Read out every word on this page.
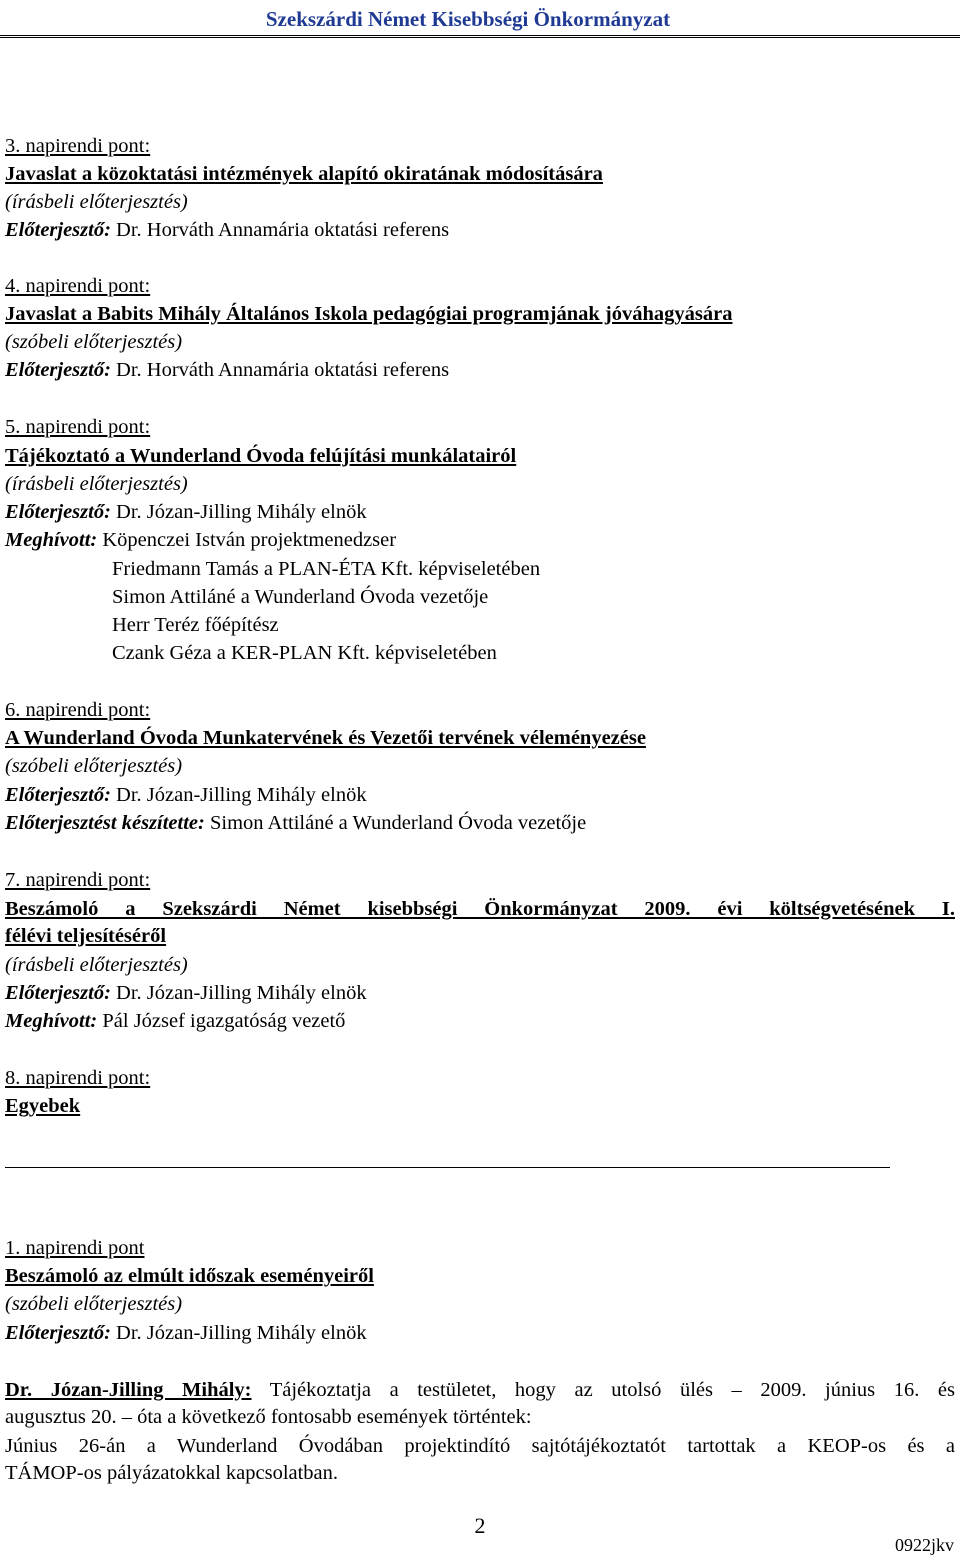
Szekszárdi Német Kisebbségi Önkormányzat
3. napirendi pont:
Javaslat a közoktatási intézmények alapító okiratának módosítására
(írásbeli előterjesztés)
Előterjesztő: Dr. Horváth Annamária oktatási referens
4. napirendi pont:
Javaslat a Babits Mihály Általános Iskola pedagógiai programjának jóváhagyására
(szóbeli előterjesztés)
Előterjesztő: Dr. Horváth Annamária oktatási referens
5. napirendi pont:
Tájékoztató a Wunderland Óvoda felújítási munkálatairól
(írásbeli előterjesztés)
Előterjesztő: Dr. Józan-Jilling Mihály elnök
Meghívott: Köpenczei István projektmenedzser
Friedmann Tamás a PLAN-ÉTA Kft. képviseletében
Simon Attiláné a Wunderland Óvoda vezetője
Herr Teréz főépítész
Czank Géza a KER-PLAN Kft. képviseletében
6. napirendi pont:
A Wunderland Óvoda Munkatervének és Vezetői tervének véleményezése
(szóbeli előterjesztés)
Előterjesztő: Dr. Józan-Jilling Mihály elnök
Előterjesztést készítette: Simon Attiláné a Wunderland Óvoda vezetője
7. napirendi pont:
Beszámoló a Szekszárdi Német kisebbségi Önkormányzat 2009. évi költségvetésének I.
félévi teljesítéséről
(írásbeli előterjesztés)
Előterjesztő: Dr. Józan-Jilling Mihály elnök
Meghívott: Pál József igazgatóság vezető
8. napirendi pont:
Egyebek
1. napirendi pont
Beszámoló az elmúlt időszak eseményeiről
(szóbeli előterjesztés)
Előterjesztő: Dr. Józan-Jilling Mihály elnök
Dr. Józan-Jilling Mihály: Tájékoztatja a testületet, hogy az utolsó ülés – 2009. június 16. és
augusztus 20. – óta a következő fontosabb események történtek:
Június 26-án a Wunderland Óvodában projektindító sajtótájékoztatót tartottak a KEOP-os és a
TÁMOP-os pályázatokkal kapcsolatban.
2
0922jkv
